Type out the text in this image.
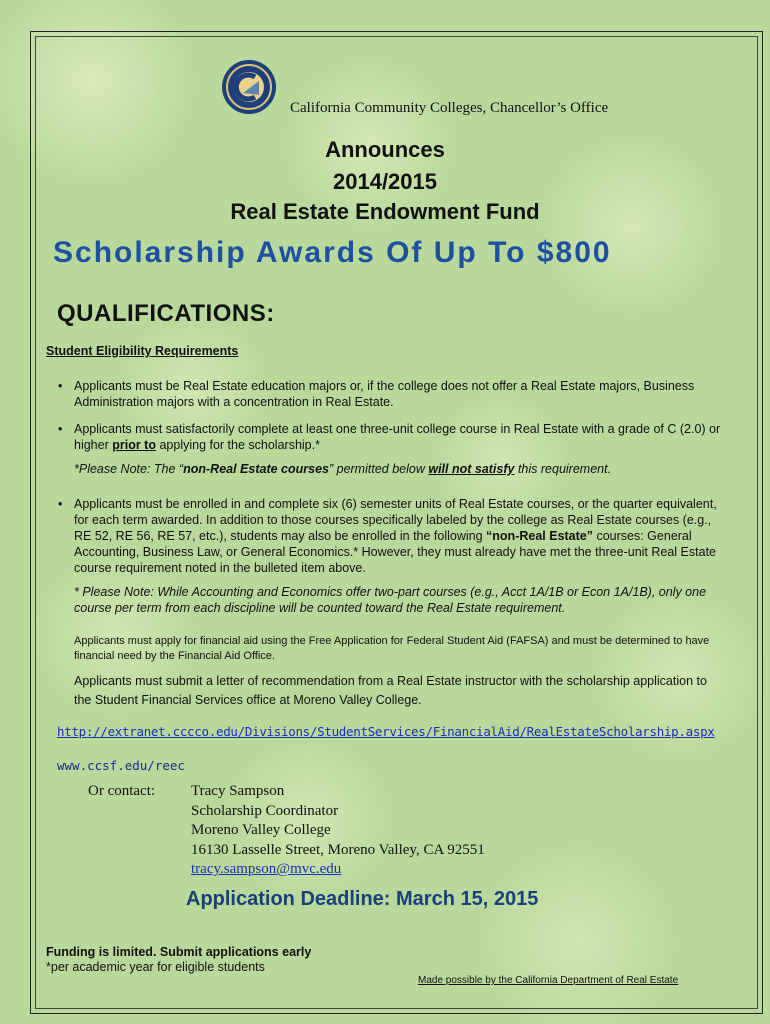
California Community Colleges, Chancellor’s Office
Announces
2014/2015
Real Estate Endowment Fund
Scholarship Awards Of Up To $800
QUALIFICATIONS:
Student Eligibility Requirements
• Applicants must be Real Estate education majors or, if the college does not offer a Real Estate majors, Business Administration majors with a concentration in Real Estate.
• Applicants must satisfactorily complete at least one three-unit college course in Real Estate with a grade of C (2.0) or higher prior to applying for the scholarship.*
*Please Note: The “non-Real Estate courses” permitted below will not satisfy this requirement.
• Applicants must be enrolled in and complete six (6) semester units of Real Estate courses, or the quarter equivalent, for each term awarded. In addition to those courses specifically labeled by the college as Real Estate courses (e.g., RE 52, RE 56, RE 57, etc.), students may also be enrolled in the following “non-Real Estate” courses: General Accounting, Business Law, or General Economics.* However, they must already have met the three-unit Real Estate course requirement noted in the bulleted item above.
* Please Note: While Accounting and Economics offer two-part courses (e.g., Acct 1A/1B or Econ 1A/1B), only one course per term from each discipline will be counted toward the Real Estate requirement.
Applicants must apply for financial aid using the Free Application for Federal Student Aid (FAFSA) and must be determined to have financial need by the Financial Aid Office.
Applicants must submit a letter of recommendation from a Real Estate instructor with the scholarship application to the Student Financial Services office at Moreno Valley College.
http://extranet.cccco.edu/Divisions/StudentServices/FinancialAid/RealEstateScholarship.aspx
www.ccsf.edu/reec
Or contact: Tracy Sampson
Scholarship Coordinator
Moreno Valley College
16130 Lasselle Street, Moreno Valley, CA 92551
tracy.sampson@mvc.edu
Application Deadline: March 15, 2015
Funding is limited. Submit applications early
*per academic year for eligible students
Made possible by the California Department of Real Estate
